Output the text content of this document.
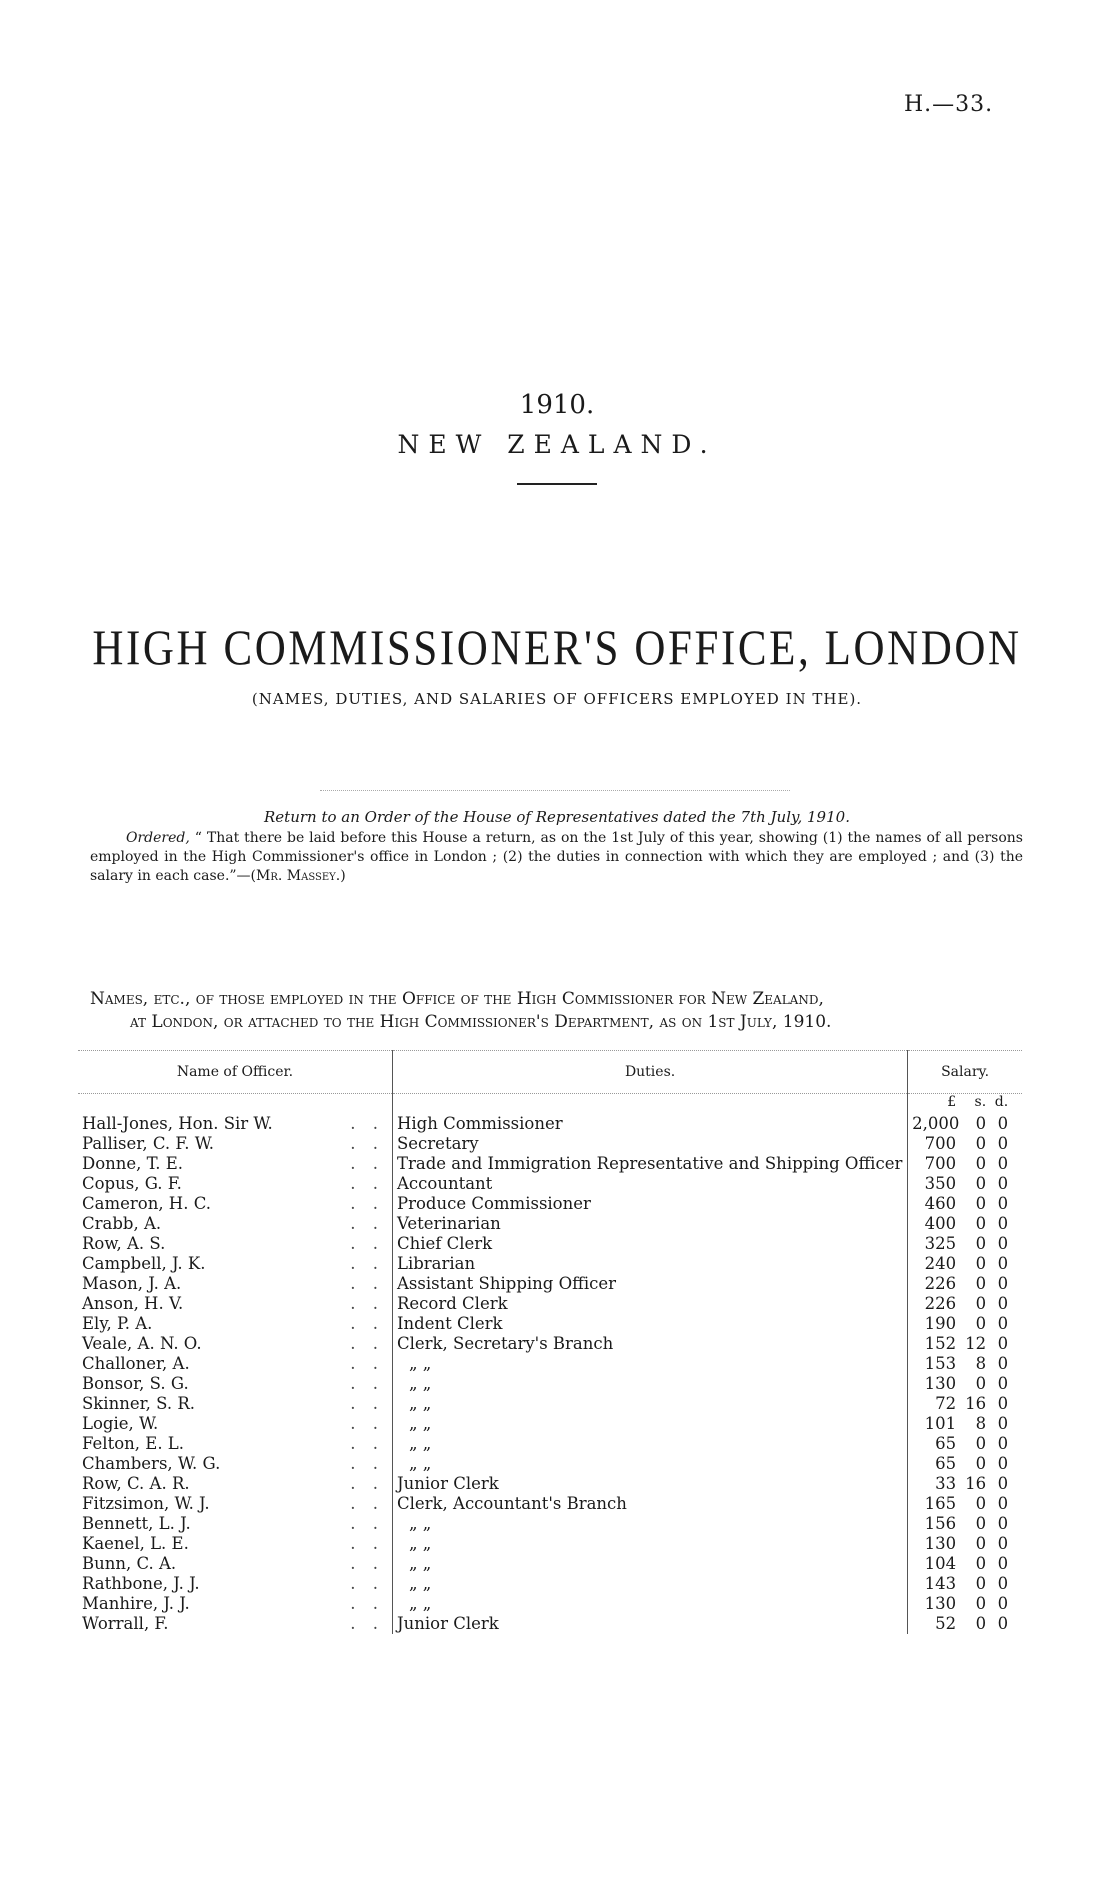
H.—33.
1910.
NEW ZEALAND.
HIGH COMMISSIONER'S OFFICE, LONDON
(NAMES, DUTIES, AND SALARIES OF OFFICERS EMPLOYED IN THE).
Return to an Order of the House of Representatives dated the 7th July, 1910.
Ordered, “ That there be laid before this House a return, as on the 1st July of this year, showing (1) the names of all persons employed in the High Commissioner's office in London ; (2) the duties in connection with which they are employed ; and (3) the salary in each case.”—(Mr. Massey.)
Names, etc., of those employed in the Office of the High Commissioner for New Zealand,
at London, or attached to the High Commissioner's Department, as on 1st July, 1910.
Name of Officer.	Duties.	Salary.
		£ s. d.
Hall-Jones, Hon. Sir W. . .	High Commissioner	2,000 0 0
Palliser, C. F. W. . .	Secretary	700 0 0
Donne, T. E. . .	Trade and Immigration Representative and Shipping Officer	700 0 0
Copus, G. F. . .	Accountant	350 0 0
Cameron, H. C. . .	Produce Commissioner	460 0 0
Crabb, A. . .	Veterinarian	400 0 0
Row, A. S. . .	Chief Clerk	325 0 0
Campbell, J. K. . .	Librarian	240 0 0
Mason, J. A. . .	Assistant Shipping Officer	226 0 0
Anson, H. V. . .	Record Clerk	226 0 0
Ely, P. A. . .	Indent Clerk	190 0 0
Veale, A. N. O. . .	Clerk, Secretary's Branch	152 12 0
Challoner, A. . .	„ „	153 8 0
Bonsor, S. G. . .	„ „	130 0 0
Skinner, S. R. . .	„ „	72 16 0
Logie, W. . .	„ „	101 8 0
Felton, E. L. . .	„ „	65 0 0
Chambers, W. G. . .	„ „	65 0 0
Row, C. A. R. . .	Junior Clerk	33 16 0
Fitzsimon, W. J. . .	Clerk, Accountant's Branch	165 0 0
Bennett, L. J. . .	„ „	156 0 0
Kaenel, L. E. . .	„ „	130 0 0
Bunn, C. A. . .	„ „	104 0 0
Rathbone, J. J. . .	„ „	143 0 0
Manhire, J. J. . .	„ „	130 0 0
Worrall, F. . .	Junior Clerk	52 0 0
